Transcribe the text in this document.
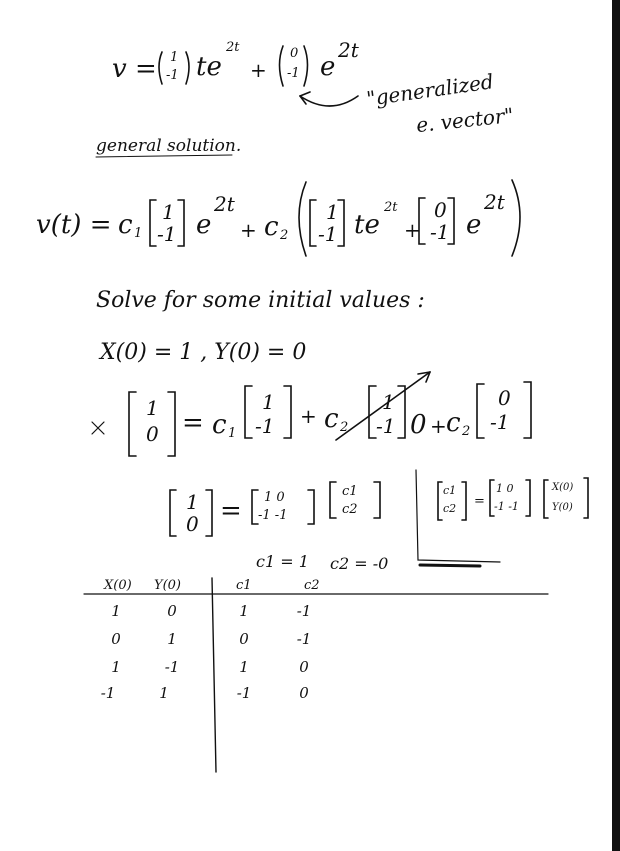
v = 1
-1 te
2t
+
0
-1 e
2t
"generalized
e. vector"
general solution.
v(t) = c 1
1
-1 e
2t
+ c 2
1
-1 te
2t
+
0
-1 e
2t
Solve for some initial values :
X(0) = 1 , Y(0) = 0
1
0 = c 1
1
-1 + c 2
1
-1 0 + c 2
0
-1
1
0 = 1 0
-1 -1
c1
c2
c1
c2 =
1 0
-1 -1
X(0)
Y(0)
c1 = 1 c2 = -0
X(0) Y(0)	c1	c2
1	0	1	-1
0	1	0	-1
1	-1	1	0
-1	1	-1	0
